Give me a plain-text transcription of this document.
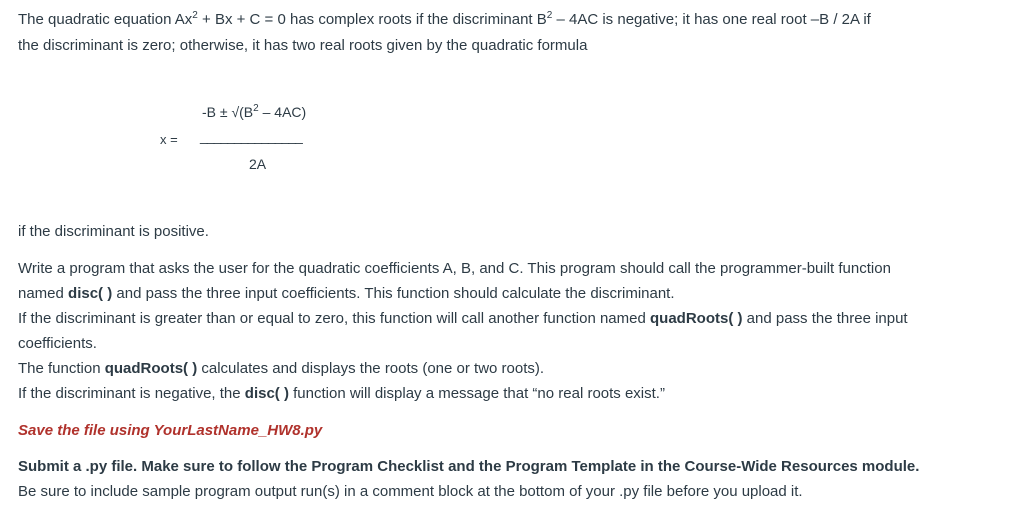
The quadratic equation $Ax^2 + Bx + C = 0$ has complex roots if the discriminant $B^2 - 4AC$ is negative; it has one real root –B / 2A if
the discriminant is zero; otherwise, it has two real roots given by the quadratic formula
$-B \pm √(B^2 - 4AC)$
x = _______________
2A
if the discriminant is positive.
Write a program that asks the user for the quadratic coefficients A, B, and C. This program should call the programmer-built function
named disc( ) and pass the three input coefficients. This function should calculate the discriminant.
If the discriminant is greater than or equal to zero, this function will call another function named quadRoots( ) and pass the three input
coefficients.
The function quadRoots( ) calculates and displays the roots (one or two roots).
If the discriminant is negative, the disc( ) function will display a message that “no real roots exist.”
Save the file using YourLastName_HW8.py
Submit a .py file. Make sure to follow the Program Checklist and the Program Template in the Course-Wide Resources module.
Be sure to include sample program output run(s) in a comment block at the bottom of your .py file before you upload it.
